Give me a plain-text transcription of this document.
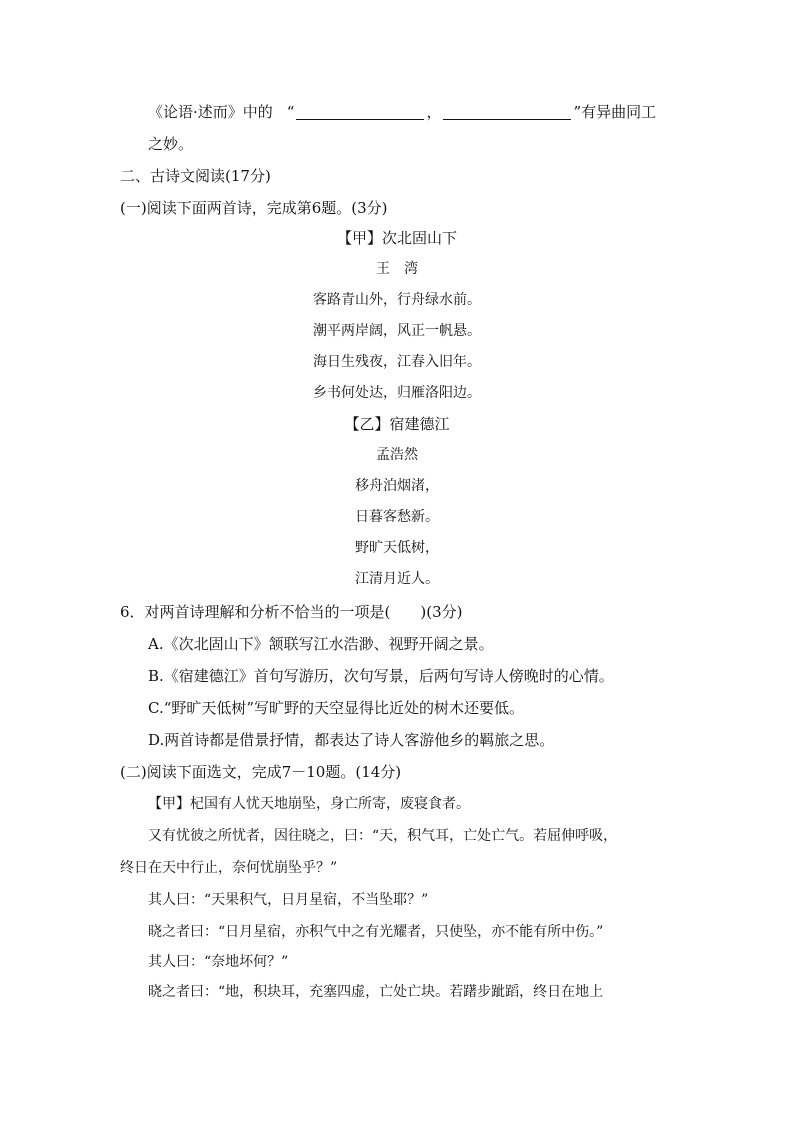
《论语·述而》中的 “	，	”有异曲同工
之妙。
二、古诗文阅读(17分)
(一)阅读下面两首诗，完成第6题。(3分)
【甲】次北固山下
王　湾
客路青山外，行舟绿水前。
潮平两岸阔，风正一帆悬。
海日生残夜，江春入旧年。
乡书何处达，归雁洛阳边。
【乙】宿建德江
孟浩然
移舟泊烟渚，
日暮客愁新。
野旷天低树，
江清月近人。
6．对两首诗理解和分析不恰当的一项是(　　)(3分)
A.《次北固山下》颔联写江水浩渺、视野开阔之景。
B.《宿建德江》首句写游历，次句写景，后两句写诗人傍晚时的心情。
C.“野旷天低树”写旷野的天空显得比近处的树木还要低。
D.两首诗都是借景抒情，都表达了诗人客游他乡的羁旅之思。
(二)阅读下面选文，完成7－10题。(14分)
【甲】杞国有人忧天地崩坠，身亡所寄，废寝食者。
又有忧彼之所忧者，因往晓之，曰：“天，积气耳，亡处亡气。若屈伸呼吸，
终日在天中行止，奈何忧崩坠乎？”
其人曰：“天果积气，日月星宿，不当坠耶？”
晓之者曰：“日月星宿，亦积气中之有光耀者，只使坠，亦不能有所中伤。”
其人曰：“奈地坏何？”
晓之者曰：“地，积块耳，充塞四虚，亡处亡块。若躇步跐蹈，终日在地上
